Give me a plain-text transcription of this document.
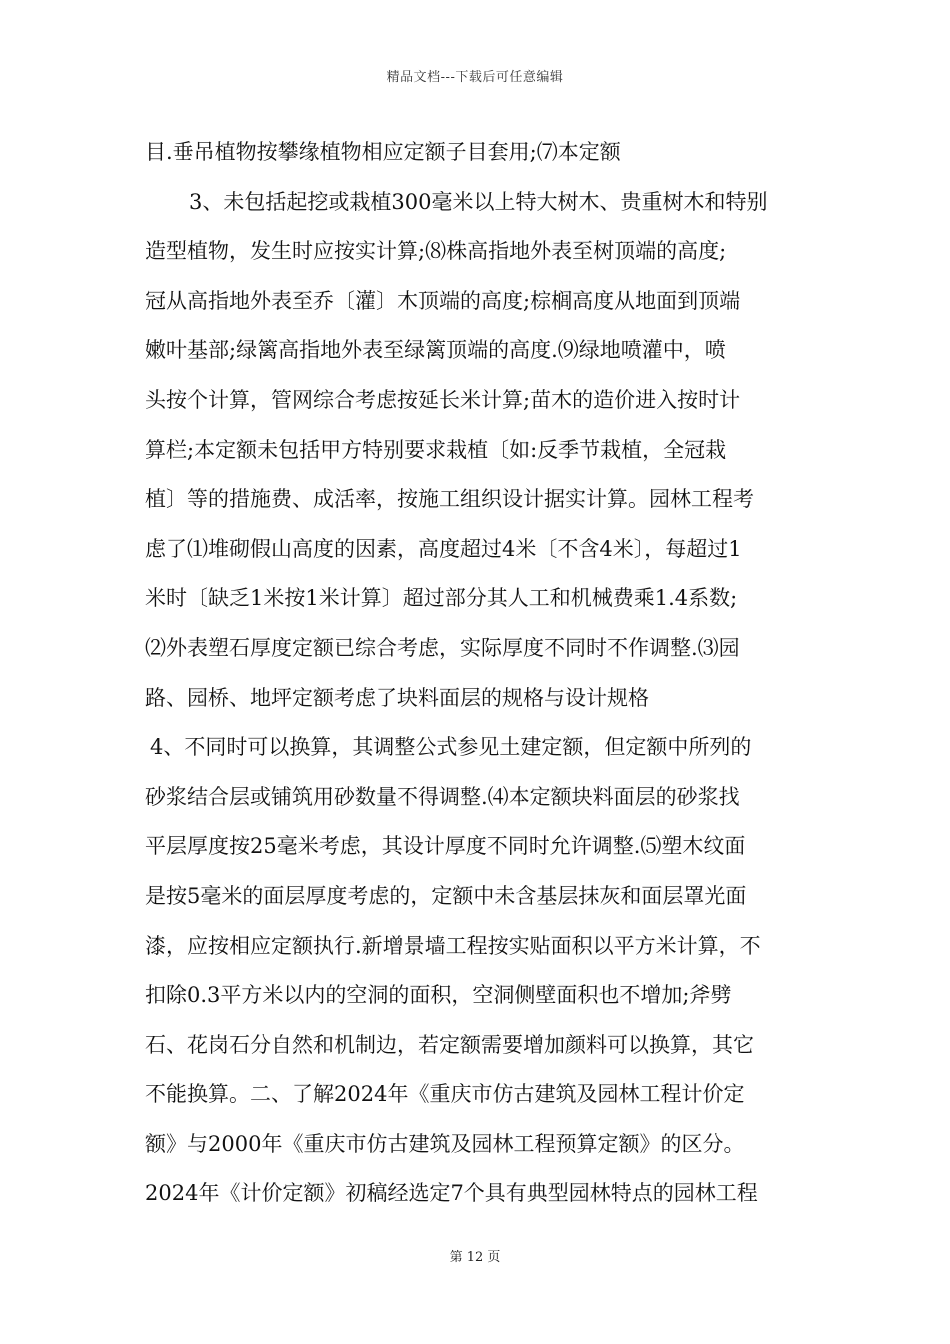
精品文档---下载后可任意编辑
目.垂吊植物按攀缘植物相应定额子目套用;⑺本定额
3、未包括起挖或栽植300毫米以上特大树木、贵重树木和特别
造型植物，发生时应按实计算;⑻株高指地外表至树顶端的高度;
冠从高指地外表至乔〔灌〕木顶端的高度;棕榈高度从地面到顶端
嫩叶基部;绿篱高指地外表至绿篱顶端的高度.⑼绿地喷灌中，喷
头按个计算，管网综合考虑按延长米计算;苗木的造价进入按时计
算栏;本定额未包括甲方特别要求栽植〔如:反季节栽植，全冠栽
植〕等的措施费、成活率，按施工组织设计据实计算。园林工程考
虑了⑴堆砌假山高度的因素，高度超过4米〔不含4米〕，每超过1
米时〔缺乏1米按1米计算〕超过部分其人工和机械费乘1.4系数;
⑵外表塑石厚度定额已综合考虑，实际厚度不同时不作调整.⑶园
路、园桥、地坪定额考虑了块料面层的规格与设计规格
4、不同时可以换算，其调整公式参见土建定额，但定额中所列的
砂浆结合层或铺筑用砂数量不得调整.⑷本定额块料面层的砂浆找
平层厚度按25毫米考虑，其设计厚度不同时允许调整.⑸塑木纹面
是按5毫米的面层厚度考虑的，定额中未含基层抹灰和面层罩光面
漆，应按相应定额执行.新增景墙工程按实贴面积以平方米计算，不
扣除0.3平方米以内的空洞的面积，空洞侧壁面积也不增加;斧劈
石、花岗石分自然和机制边，若定额需要增加颜料可以换算，其它
不能换算。二、了解2024年《重庆市仿古建筑及园林工程计价定
额》与2000年《重庆市仿古建筑及园林工程预算定额》的区分。
2024年《计价定额》初稿经选定7个具有典型园林特点的园林工程
第 12 页
